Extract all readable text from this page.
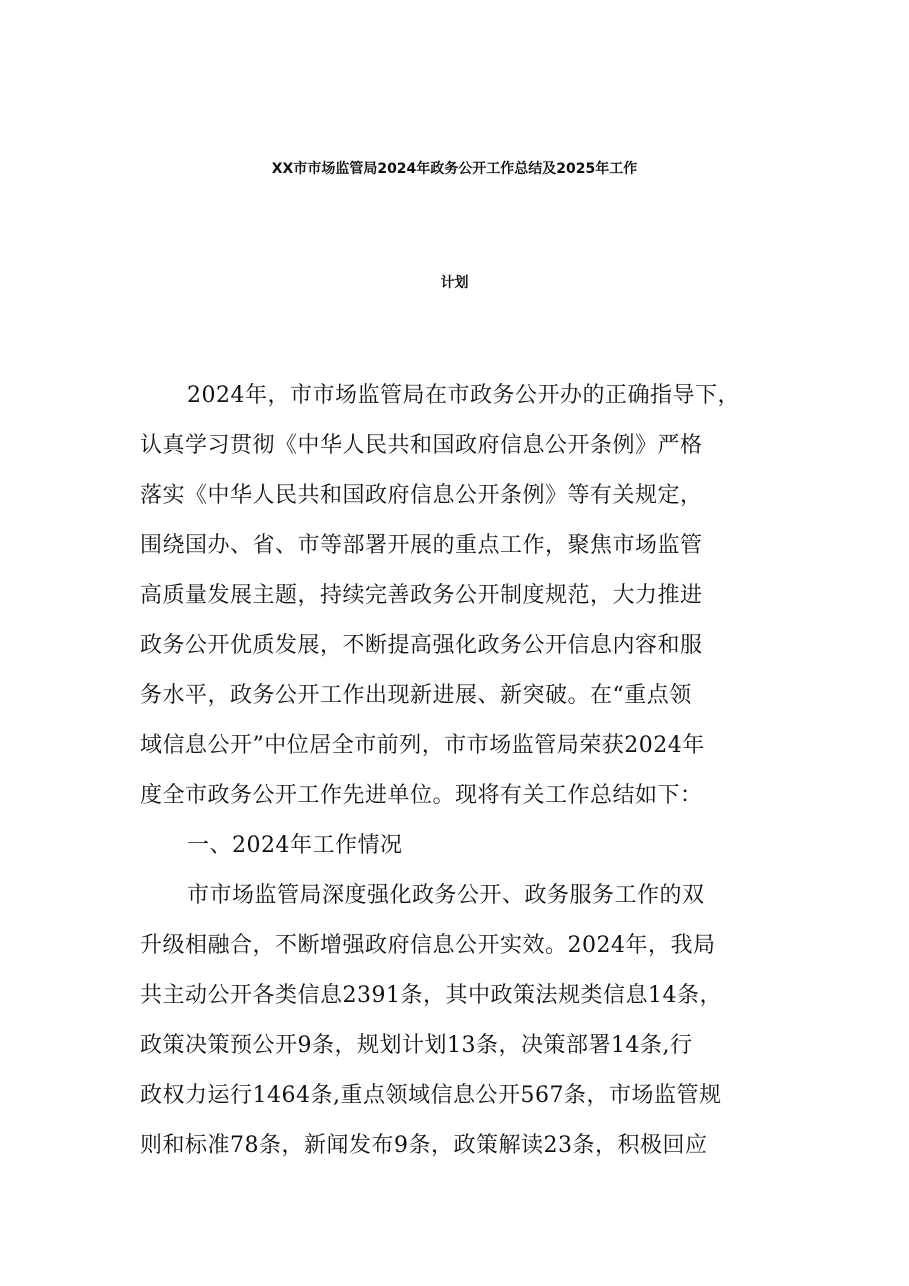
XX市市场监管局2024年政务公开工作总结及2025年工作
计划
2024年，市市场监管局在市政务公开办的正确指导下，
认真学习贯彻《中华人民共和国政府信息公开条例》严格
落实《中华人民共和国政府信息公开条例》等有关规定，
围绕国办、省、市等部署开展的重点工作，聚焦市场监管
高质量发展主题，持续完善政务公开制度规范，大力推进
政务公开优质发展，不断提高强化政务公开信息内容和服
务水平，政务公开工作出现新进展、新突破。在“重点领
域信息公开”中位居全市前列，市市场监管局荣获2024年
度全市政务公开工作先进单位。现将有关工作总结如下：
一、2024年工作情况
市市场监管局深度强化政务公开、政务服务工作的双
升级相融合，不断增强政府信息公开实效。2024年，我局
共主动公开各类信息2391条，其中政策法规类信息14条，
政策决策预公开9条，规划计划13条，决策部署14条,行
政权力运行1464条,重点领域信息公开567条，市场监管规
则和标准78条，新闻发布9条，政策解读23条，积极回应
